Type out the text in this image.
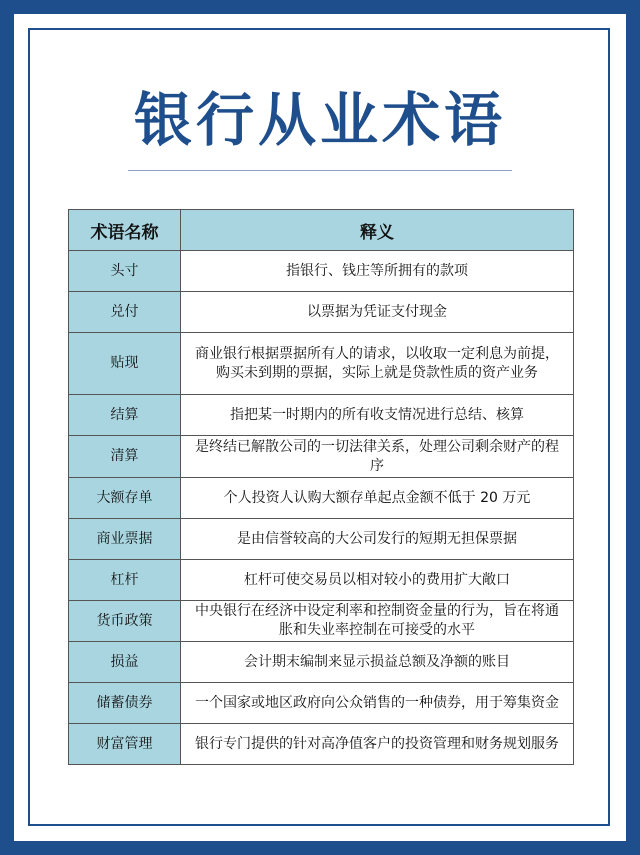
银行从业术语
术语名称	释义
头寸	指银行、钱庄等所拥有的款项
兑付	以票据为凭证支付现金
贴现	商业银行根据票据所有人的请求，以收取一定利息为前提，购买未到期的票据，实际上就是贷款性质的资产业务
结算	指把某一时期内的所有收支情况进行总结、核算
清算	是终结已解散公司的一切法律关系，处理公司剩余财产的程序
大额存单	个人投资人认购大额存单起点金额不低于 20 万元
商业票据	是由信誉较高的大公司发行的短期无担保票据
杠杆	杠杆可使交易员以相对较小的费用扩大敞口
货币政策	中央银行在经济中设定利率和控制资金量的行为，旨在将通胀和失业率控制在可接受的水平
损益	会计期末编制来显示损益总额及净额的账目
储蓄债券	一个国家或地区政府向公众销售的一种债券，用于筹集资金
财富管理	银行专门提供的针对高净值客户的投资管理和财务规划服务
小红书
